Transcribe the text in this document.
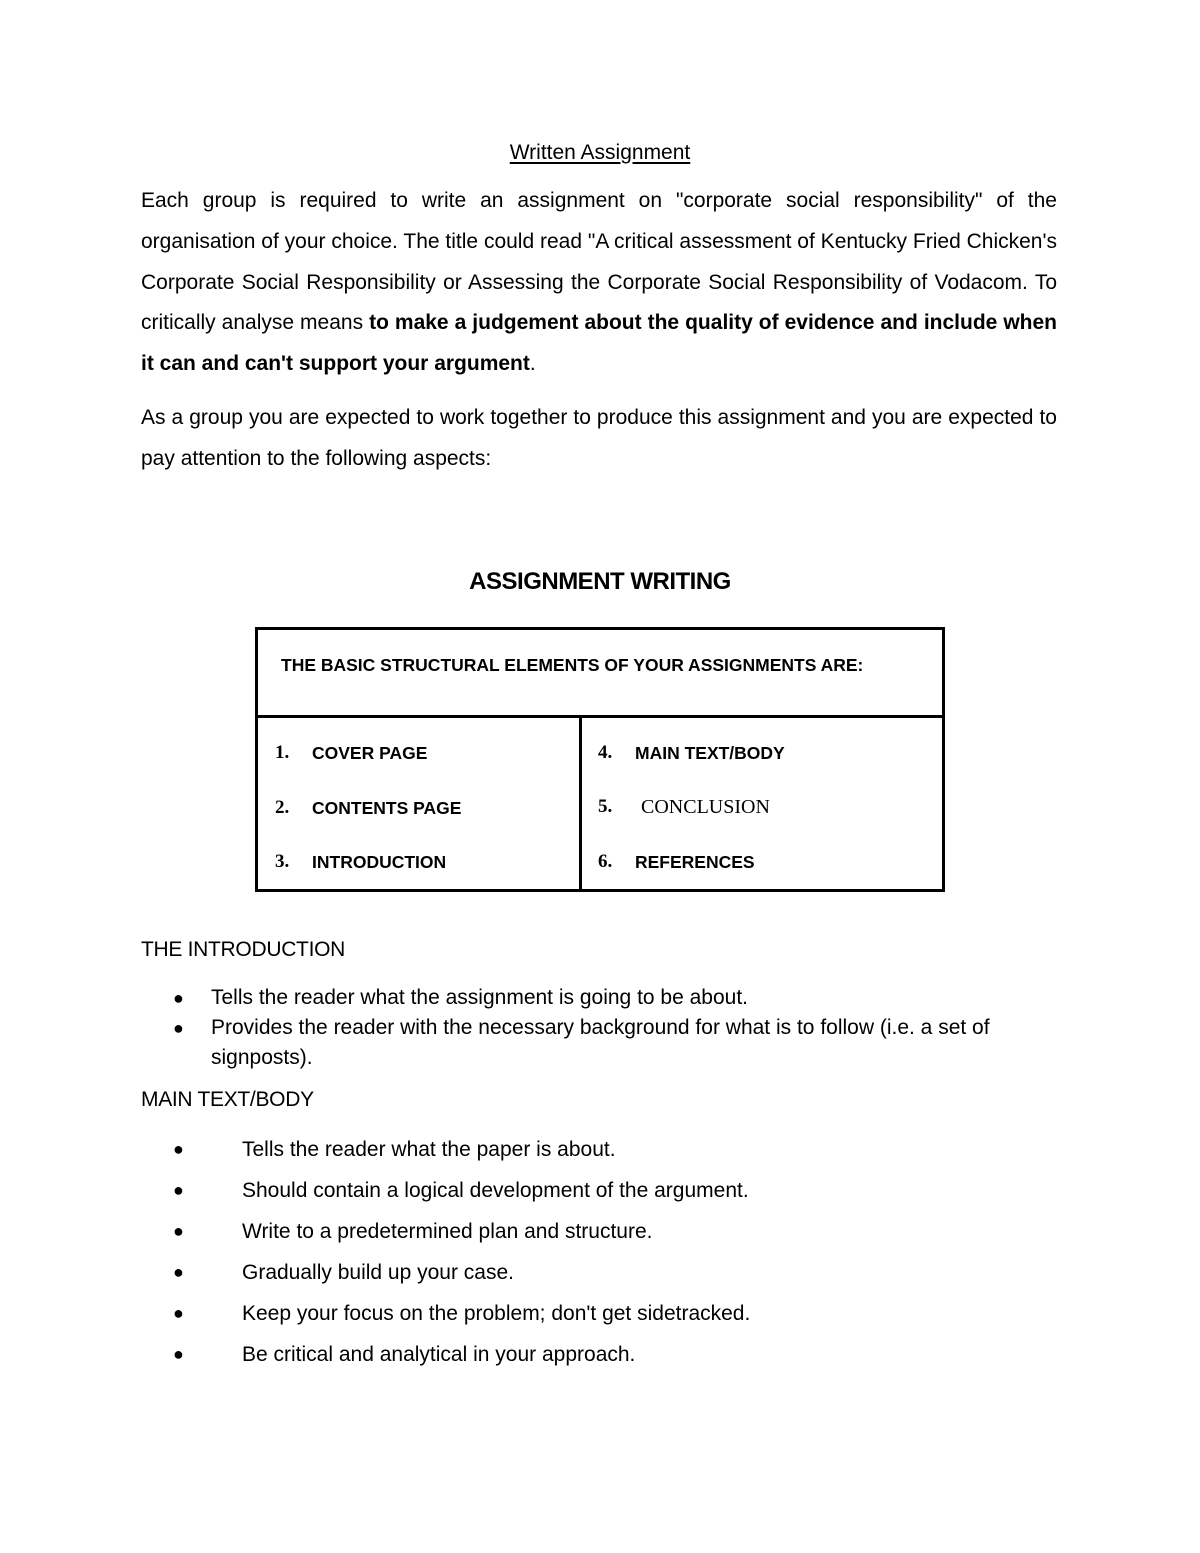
Written Assignment

Each group is required to write an assignment on "corporate social responsibility" of the organisation of your choice. The title could read "A critical assessment of Kentucky Fried Chicken's Corporate Social Responsibility or Assessing the Corporate Social Responsibility of Vodacom. To critically analyse means to make a judgement about the quality of evidence and include when it can and can't support your argument.

As a group you are expected to work together to produce this assignment and you are expected to pay attention to the following aspects:

ASSIGNMENT WRITING
THE BASIC STRUCTURAL ELEMENTS OF YOUR ASSIGNMENTS ARE:
1. COVER PAGE
2. CONTENTS PAGE
3. INTRODUCTION
4. MAIN TEXT/BODY
5. CONCLUSION
6. REFERENCES
THE INTRODUCTION
● Tells the reader what the assignment is going to be about.
● Provides the reader with the necessary background for what is to follow (i.e. a set of signposts).
MAIN TEXT/BODY
●	Tells the reader what the paper is about.
●	Should contain a logical development of the argument.
●	Write to a predetermined plan and structure.
●	Gradually build up your case.
●	Keep your focus on the problem; don't get sidetracked.
●	Be critical and analytical in your approach.
